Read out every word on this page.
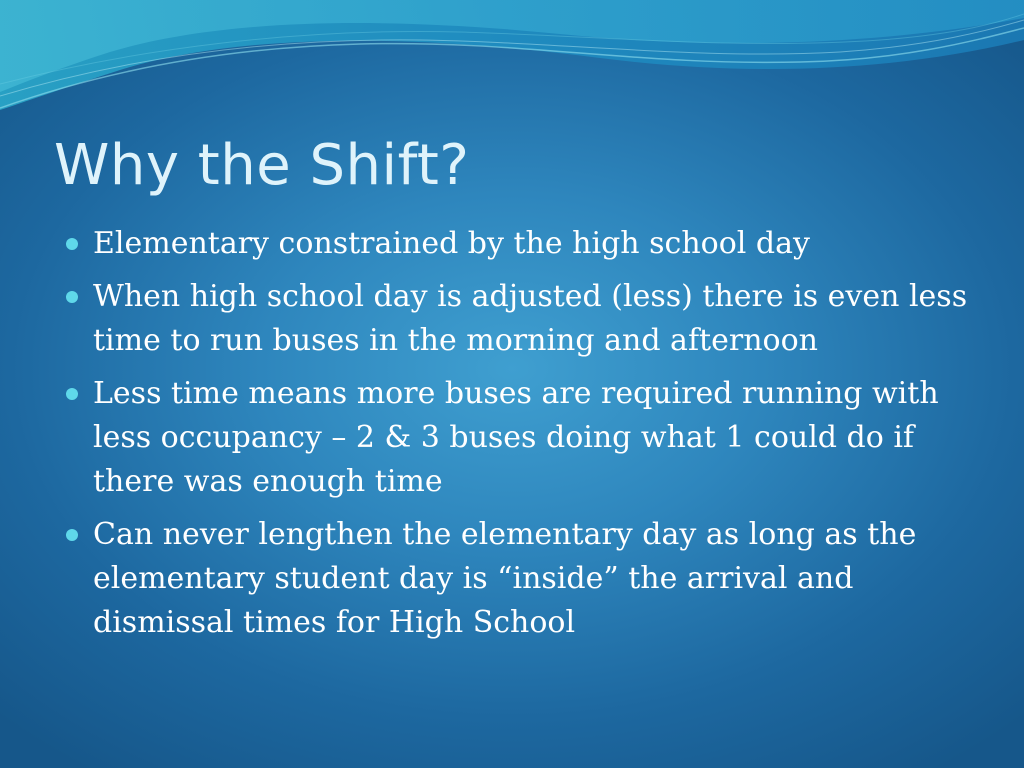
Why the Shift?
Elementary constrained by the high school day
When high school day is adjusted (less) there is even less time to run buses in the morning and afternoon
Less time means more buses are required running with less occupancy – 2 & 3 buses doing what 1 could do if there was enough time
Can never lengthen the elementary day as long as the elementary student day is “inside” the arrival and dismissal times for High School
